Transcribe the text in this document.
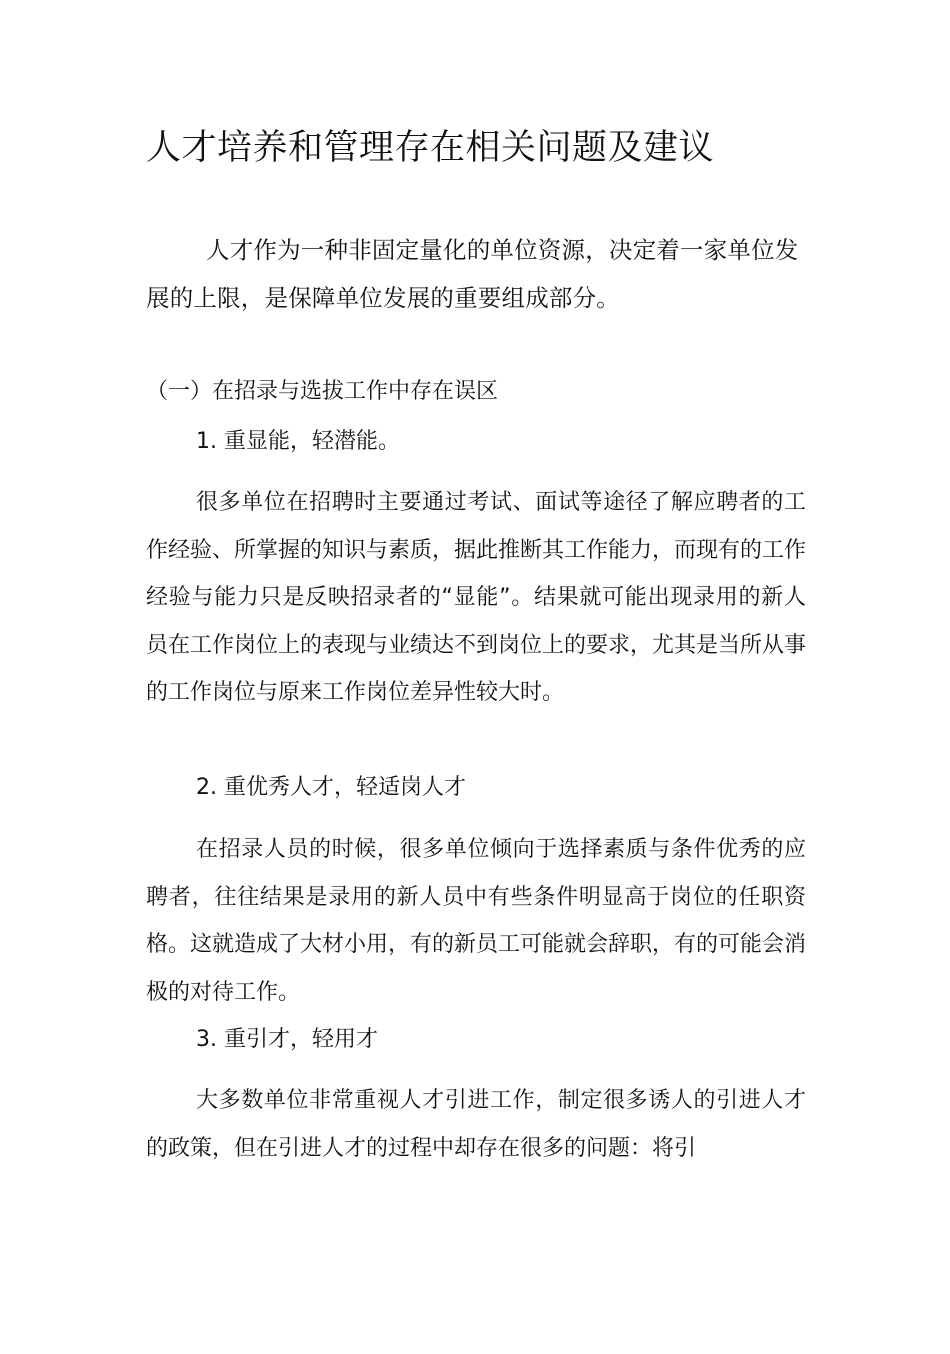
人才培养和管理存在相关问题及建议
人才作为一种非固定量化的单位资源，决定着一家单位发展的上限，是保障单位发展的重要组成部分。
（一）在招录与选拔工作中存在误区
1. 重显能，轻潜能。
很多单位在招聘时主要通过考试、面试等途径了解应聘者的工作经验、所掌握的知识与素质，据此推断其工作能力，而现有的工作经验与能力只是反映招录者的“显能”。结果就可能出现录用的新人员在工作岗位上的表现与业绩达不到岗位上的要求，尤其是当所从事的工作岗位与原来工作岗位差异性较大时。
2. 重优秀人才，轻适岗人才
在招录人员的时候，很多单位倾向于选择素质与条件优秀的应聘者，往往结果是录用的新人员中有些条件明显高于岗位的任职资格。这就造成了大材小用，有的新员工可能就会辞职，有的可能会消极的对待工作。
3. 重引才，轻用才
大多数单位非常重视人才引进工作，制定很多诱人的引进人才的政策，但在引进人才的过程中却存在很多的问题：将引
